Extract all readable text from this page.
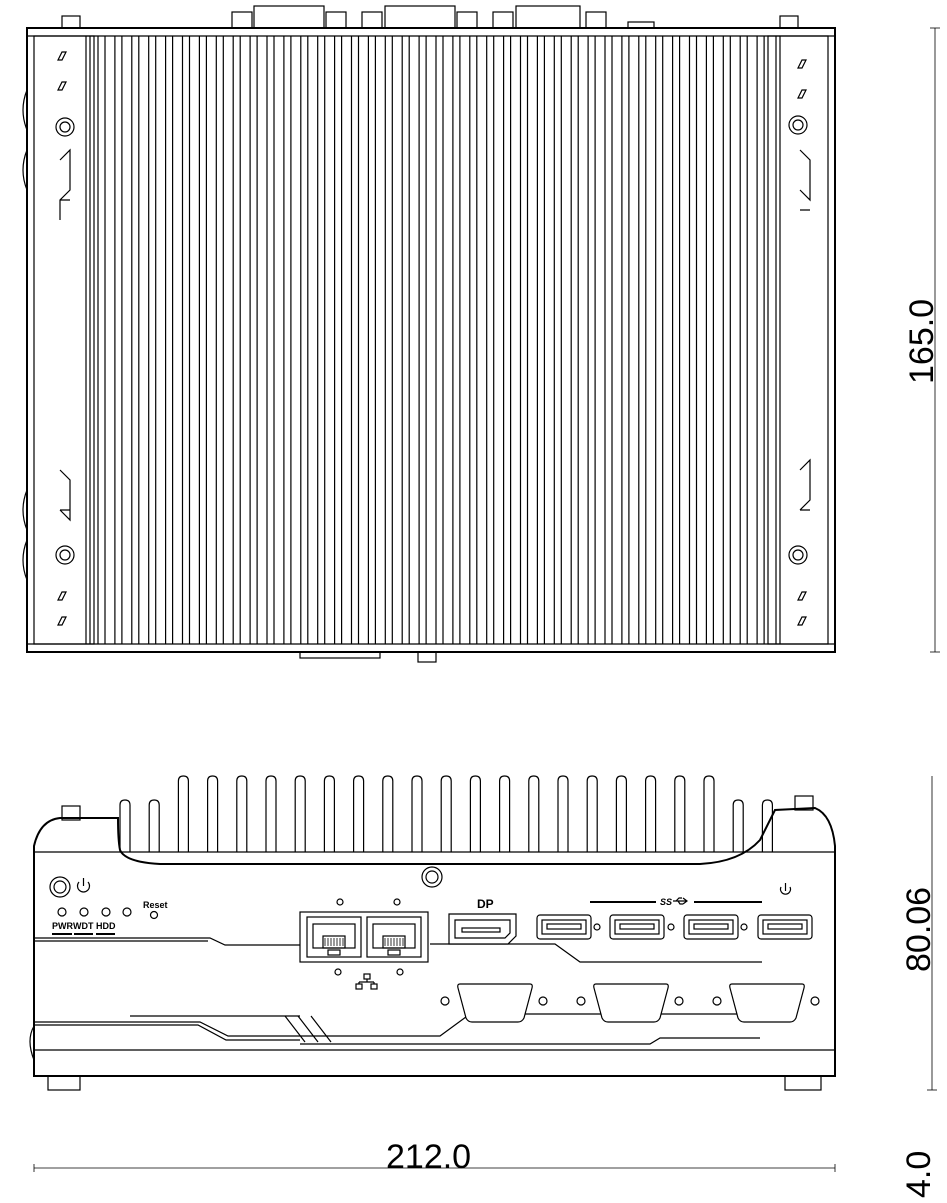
PWR WDT HDD
Reset	DP	SS
165.0
80.06
212.0	4.0
